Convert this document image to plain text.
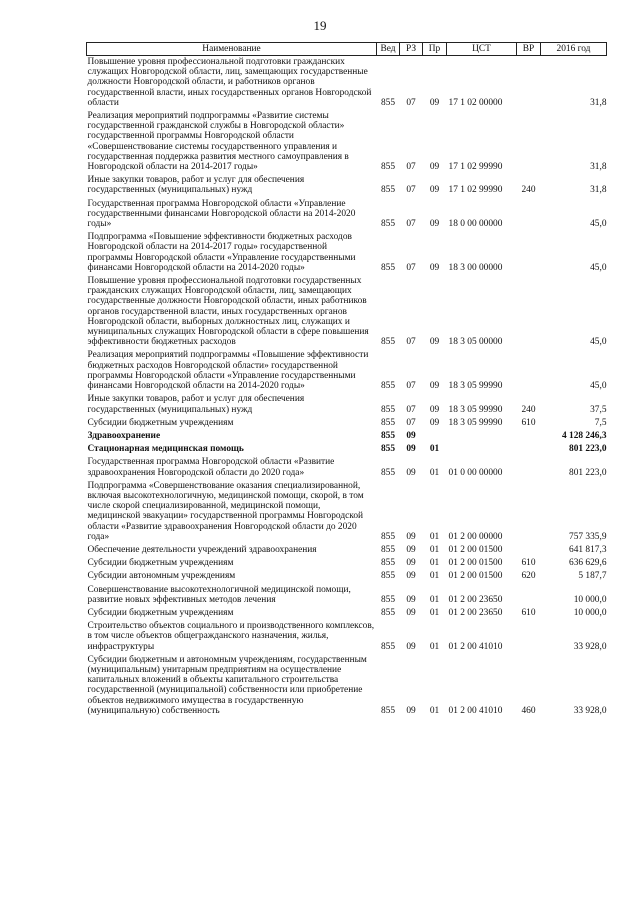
19
Наименование	Вед	РЗ	Пр	ЦСТ	ВР	2016 год
Повышение уровня профессиональной подготовки гражданских служащих Новгородской области, лиц, замещающих государственные должности Новгородской области, и работников органов государственной власти, иных государственных органов Новгородской области	855	07	09	17 1 02 00000		31,8
Реализация мероприятий подпрограммы «Развитие системы государственной гражданской службы в Новгородской области» государственной программы Новгородской области «Совершенствование системы государственного управления и государственная поддержка развития местного самоуправления в Новгородской области на 2014-2017 годы»	855	07	09	17 1 02 99990		31,8
Иные закупки товаров, работ и услуг для обеспечения государственных (муниципальных) нужд	855	07	09	17 1 02 99990	240	31,8
Государственная программа Новгородской области «Управление государственными финансами Новгородской области на 2014-2020 годы»	855	07	09	18 0 00 00000		45,0
Подпрограмма «Повышение эффективности бюджетных расходов Новгородской области на 2014-2017 годы» государственной программы Новгородской области «Управление государственными финансами Новгородской области на 2014-2020 годы»	855	07	09	18 3 00 00000		45,0
Повышение уровня профессиональной подготовки государственных гражданских служащих Новгородской области, лиц, замещающих государственные должности Новгородской области, иных работников органов государственной власти, иных государственных органов Новгородской области, выборных должностных лиц, служащих и муниципальных служащих Новгородской области в сфере повышения эффективности бюджетных расходов	855	07	09	18 3 05 00000		45,0
Реализация мероприятий подпрограммы «Повышение эффективности бюджетных расходов Новгородской области» государственной программы Новгородской области «Управление государственными финансами Новгородской области на 2014-2020 годы»	855	07	09	18 3 05 99990		45,0
Иные закупки товаров, работ и услуг для обеспечения государственных (муниципальных) нужд	855	07	09	18 3 05 99990	240	37,5
Субсидии бюджетным учреждениям	855	07	09	18 3 05 99990	610	7,5
Здравоохранение	855	09				4 128 246,3
Стационарная медицинская помощь	855	09	01			801 223,0
Государственная программа Новгородской области «Развитие здравоохранения Новгородской области до 2020 года»	855	09	01	01 0 00 00000		801 223,0
Подпрограмма «Совершенствование оказания специализированной, включая высокотехнологичную, медицинской помощи, скорой, в том числе скорой специализированной, медицинской помощи, медицинской эвакуации» государственной программы Новгородской области «Развитие здравоохранения Новгородской области до 2020 года»	855	09	01	01 2 00 00000		757 335,9
Обеспечение деятельности учреждений здравоохранения	855	09	01	01 2 00 01500		641 817,3
Субсидии бюджетным учреждениям	855	09	01	01 2 00 01500	610	636 629,6
Субсидии автономным учреждениям	855	09	01	01 2 00 01500	620	5 187,7
Совершенствование высокотехнологичной медицинской помощи, развитие новых эффективных методов лечения	855	09	01	01 2 00 23650		10 000,0
Субсидии бюджетным учреждениям	855	09	01	01 2 00 23650	610	10 000,0
Строительство объектов социального и производственного комплексов, в том числе объектов общегражданского назначения, жилья, инфраструктуры	855	09	01	01 2 00 41010		33 928,0
Субсидии бюджетным и автономным учреждениям, государственным (муниципальным) унитарным предприятиям на осуществление капитальных вложений в объекты капитального строительства государственной (муниципальной) собственности или приобретение объектов недвижимого имущества в государственную (муниципальную) собственность	855	09	01	01 2 00 41010	460	33 928,0
